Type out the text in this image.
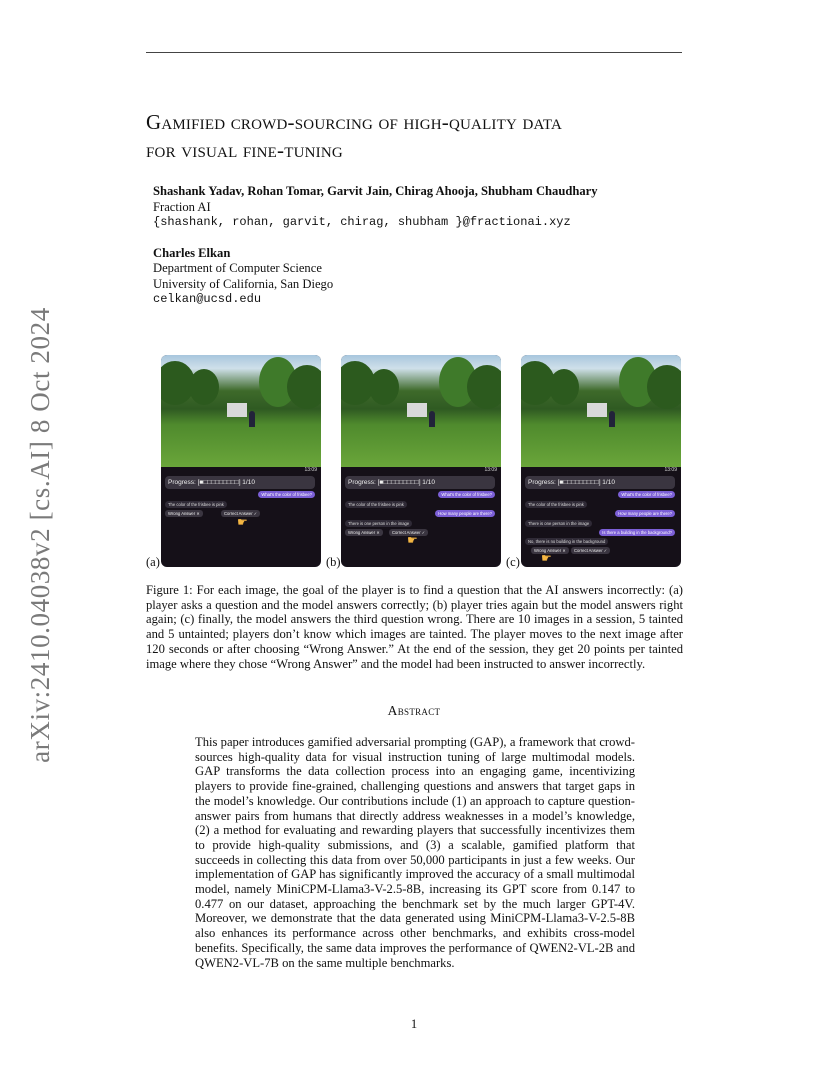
arXiv:2410.04038v2 [cs.AI] 8 Oct 2024
Gamified crowd-sourcing of high-quality data
for visual fine-tuning
Shashank Yadav, Rohan Tomar, Garvit Jain, Chirag Ahooja, Shubham Chaudhary
Fraction AI
{shashank, rohan, garvit, chirag, shubham }@fractionai.xyz
Charles Elkan
Department of Computer Science
University of California, San Diego
celkan@ucsd.edu
13:09
Progress: [■□□□□□□□□□] 1/10
What's the color of frisbee?
The color of the frisbee is pink
Wrong Answer ✕	Correct Answer ✓
☛
13:09
Progress: [■□□□□□□□□□] 1/10
What's the color of frisbee?
The color of the frisbee is pink
How many people are there?
There is one person in the image
Wrong Answer ✕	Correct Answer ✓
☛
13:09
Progress: [■□□□□□□□□□] 1/10
What's the color of frisbee?
The color of the frisbee is pink
How many people are there?
There is one person in the image
Is there a building in the background?
No, there is no building in the background
Wrong Answer ✕	Correct Answer ✓
☛
(a)	(b)	(c)
Figure 1: For each image, the goal of the player is to find a question that the AI answers incorrectly: (a) player asks a question and the model answers correctly; (b) player tries again but the model answers right again; (c) finally, the model answers the third question wrong. There are 10 images in a session, 5 tainted and 5 untainted; players don’t know which images are tainted. The player moves to the next image after 120 seconds or after choosing “Wrong Answer.” At the end of the session, they get 20 points per tainted image where they chose “Wrong Answer” and the model had been instructed to answer incorrectly.
Abstract
This paper introduces gamified adversarial prompting (GAP), a framework that crowd-sources high-quality data for visual instruction tuning of large multimodal models. GAP transforms the data collection process into an engaging game, incentivizing players to provide fine-grained, challenging questions and answers that target gaps in the model’s knowledge. Our contributions include (1) an approach to capture question-answer pairs from humans that directly address weaknesses in a model’s knowledge, (2) a method for evaluating and rewarding players that successfully incentivizes them to provide high-quality submissions, and (3) a scalable, gamified platform that succeeds in collecting this data from over 50,000 participants in just a few weeks. Our implementation of GAP has significantly improved the accuracy of a small multimodal model, namely MiniCPM-Llama3-V-2.5-8B, increasing its GPT score from 0.147 to 0.477 on our dataset, approaching the benchmark set by the much larger GPT-4V. Moreover, we demonstrate that the data generated using MiniCPM-Llama3-V-2.5-8B also enhances its performance across other benchmarks, and exhibits cross-model benefits. Specifically, the same data improves the performance of QWEN2-VL-2B and QWEN2-VL-7B on the same multiple benchmarks.
1
